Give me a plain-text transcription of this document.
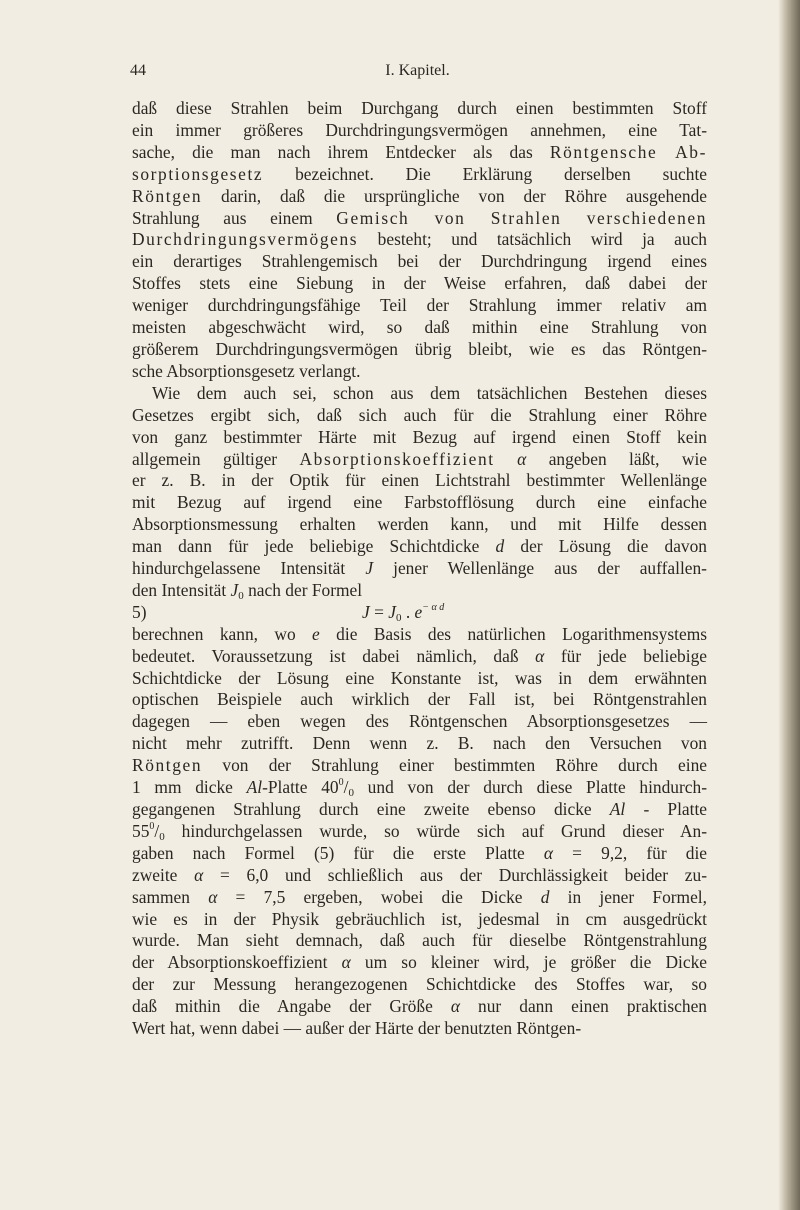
44	I. Kapitel.
daß diese Strahlen beim Durchgang durch einen bestimmten Stoff
ein immer größeres Durchdringungsvermögen annehmen, eine Tat-
sache, die man nach ihrem Entdecker als das Röntgensche Ab-
sorptionsgesetz bezeichnet. Die Erklärung derselben suchte
Röntgen darin, daß die ursprüngliche von der Röhre ausgehende
Strahlung aus einem Gemisch von Strahlen verschiedenen
Durchdringungsvermögens besteht; und tatsächlich wird ja auch
ein derartiges Strahlengemisch bei der Durchdringung irgend eines
Stoffes stets eine Siebung in der Weise erfahren, daß dabei der
weniger durchdringungsfähige Teil der Strahlung immer relativ am
meisten abgeschwächt wird, so daß mithin eine Strahlung von
größerem Durchdringungsvermögen übrig bleibt, wie es das Röntgen-
sche Absorptionsgesetz verlangt.
Wie dem auch sei, schon aus dem tatsächlichen Bestehen dieses
Gesetzes ergibt sich, daß sich auch für die Strahlung einer Röhre
von ganz bestimmter Härte mit Bezug auf irgend einen Stoff kein
allgemein gültiger Absorptionskoeffizient α angeben läßt, wie
er z. B. in der Optik für einen Lichtstrahl bestimmter Wellenlänge
mit Bezug auf irgend eine Farbstofflösung durch eine einfache
Absorptionsmessung erhalten werden kann, und mit Hilfe dessen
man dann für jede beliebige Schichtdicke d der Lösung die davon
hindurchgelassene Intensität J jener Wellenlänge aus der auffallen-
den Intensität $J_0$ nach der Formel
5)	$J = J_0$ . $e^{- \alpha d}$
berechnen kann, wo e die Basis des natürlichen Logarithmensystems
bedeutet. Voraussetzung ist dabei nämlich, daß α für jede beliebige
Schichtdicke der Lösung eine Konstante ist, was in dem erwähnten
optischen Beispiele auch wirklich der Fall ist, bei Röntgenstrahlen
dagegen — eben wegen des Röntgenschen Absorptionsgesetzes —
nicht mehr zutrifft. Denn wenn z. B. nach den Versuchen von
Röntgen von der Strahlung einer bestimmten Röhre durch eine
1 mm dicke Al-Platte $40^0/_0$ und von der durch diese Platte hindurch-
gegangenen Strahlung durch eine zweite ebenso dicke Al - Platte
$55^0/_0$ hindurchgelassen wurde, so würde sich auf Grund dieser An-
gaben nach Formel (5) für die erste Platte α = 9,2, für die
zweite α = 6,0 und schließlich aus der Durchlässigkeit beider zu-
sammen α = 7,5 ergeben, wobei die Dicke d in jener Formel,
wie es in der Physik gebräuchlich ist, jedesmal in cm ausgedrückt
wurde. Man sieht demnach, daß auch für dieselbe Röntgenstrahlung
der Absorptionskoeffizient α um so kleiner wird, je größer die Dicke
der zur Messung herangezogenen Schichtdicke des Stoffes war, so
daß mithin die Angabe der Größe α nur dann einen praktischen
Wert hat, wenn dabei — außer der Härte der benutzten Röntgen-
